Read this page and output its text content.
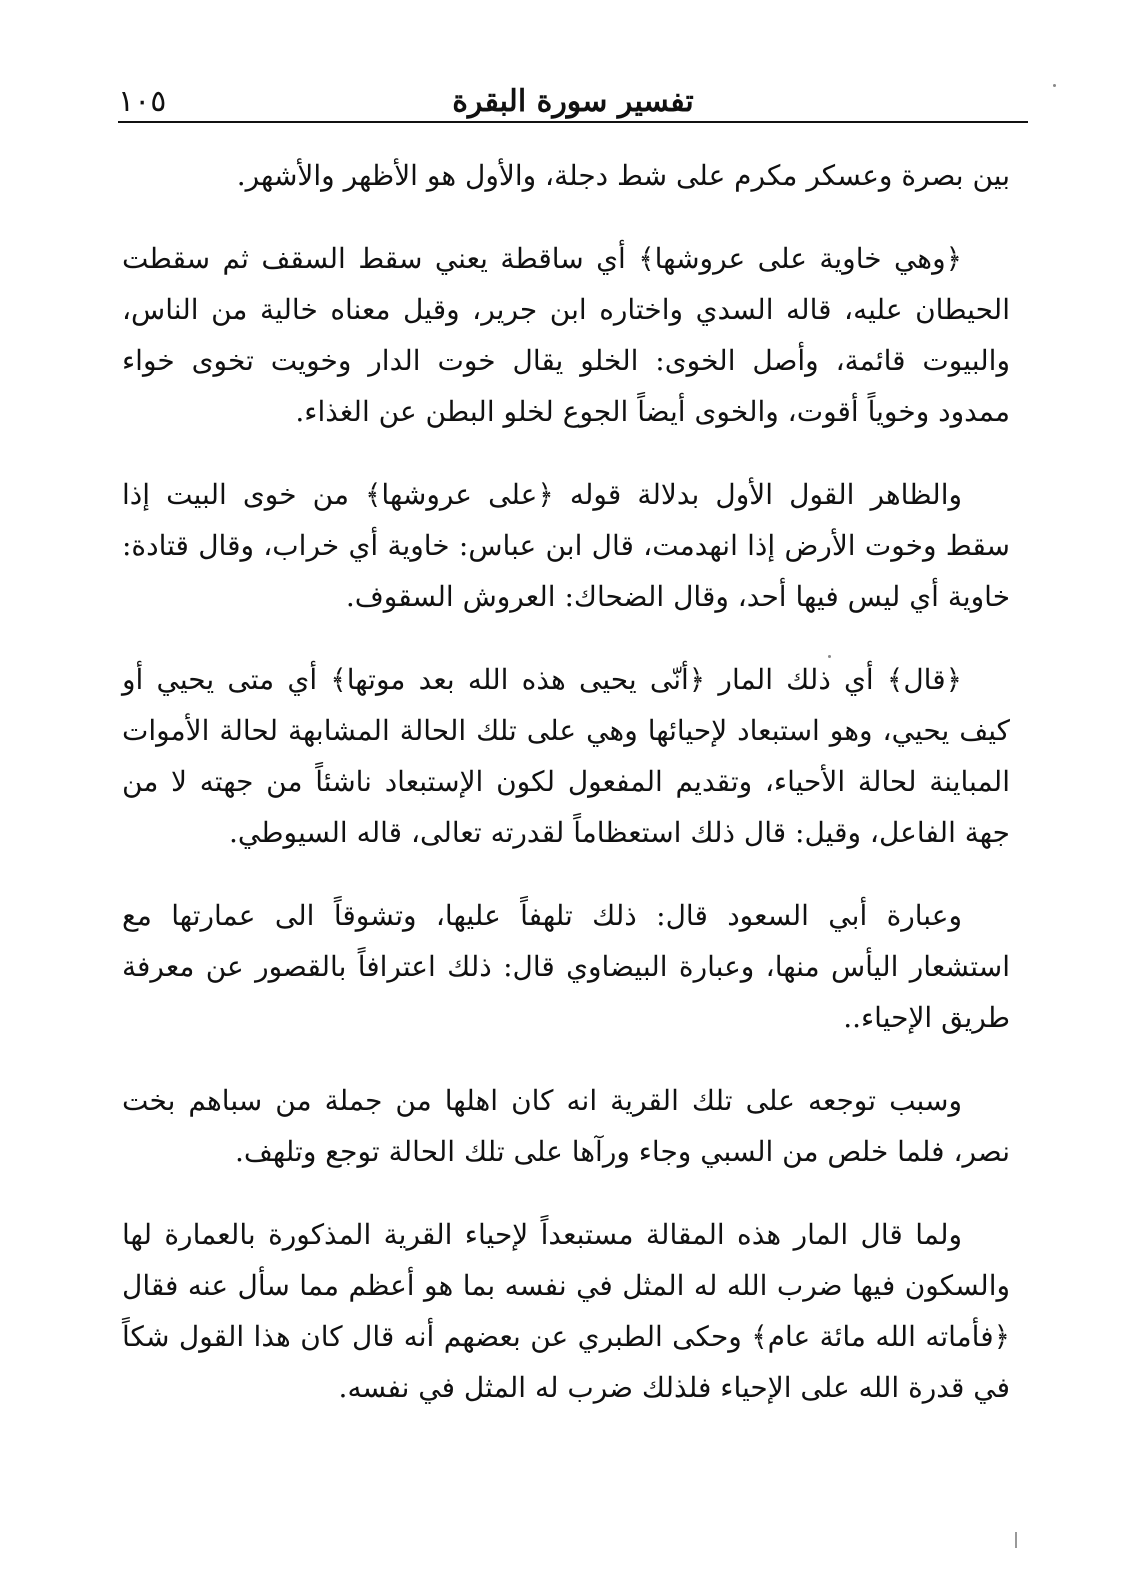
١٠٥	تفسير سورة البقرة

بين بصرة وعسكر مكرم على شط دجلة، والأول هو الأظهر والأشهر.

﴿وهي خاوية على عروشها﴾ أي ساقطة يعني سقط السقف ثم سقطت الحيطان عليه، قاله السدي واختاره ابن جرير، وقيل معناه خالية من الناس، والبيوت قائمة، وأصل الخوى: الخلو يقال خوت الدار وخويت تخوى خواء ممدود وخوياً أقوت، والخوى أيضاً الجوع لخلو البطن عن الغذاء.

والظاهر القول الأول بدلالة قوله ﴿على عروشها﴾ من خوى البيت إذا سقط وخوت الأرض إذا انهدمت، قال ابن عباس: خاوية أي خراب، وقال قتادة: خاوية أي ليس فيها أحد، وقال الضحاك: العروش السقوف.

﴿قال﴾ أي ذلك المار ﴿أنّى يحيى هذه الله بعد موتها﴾ أي متى يحيي أو كيف يحيي، وهو استبعاد لإحيائها وهي على تلك الحالة المشابهة لحالة الأموات المباينة لحالة الأحياء، وتقديم المفعول لكون الإستبعاد ناشئاً من جهته لا من جهة الفاعل، وقيل: قال ذلك استعظاماً لقدرته تعالى، قاله السيوطي.

وعبارة أبي السعود قال: ذلك تلهفاً عليها، وتشوقاً الى عمارتها مع استشعار اليأس منها، وعبارة البيضاوي قال: ذلك اعترافاً بالقصور عن معرفة طريق الإحياء..

وسبب توجعه على تلك القرية انه كان اهلها من جملة من سباهم بخت نصر، فلما خلص من السبي وجاء ورآها على تلك الحالة توجع وتلهف.

ولما قال المار هذه المقالة مستبعداً لإحياء القرية المذكورة بالعمارة لها والسكون فيها ضرب الله له المثل في نفسه بما هو أعظم مما سأل عنه فقال ﴿فأماته الله مائة عام﴾ وحكى الطبري عن بعضهم أنه قال كان هذا القول شكاً في قدرة الله على الإحياء فلذلك ضرب له المثل في نفسه.
